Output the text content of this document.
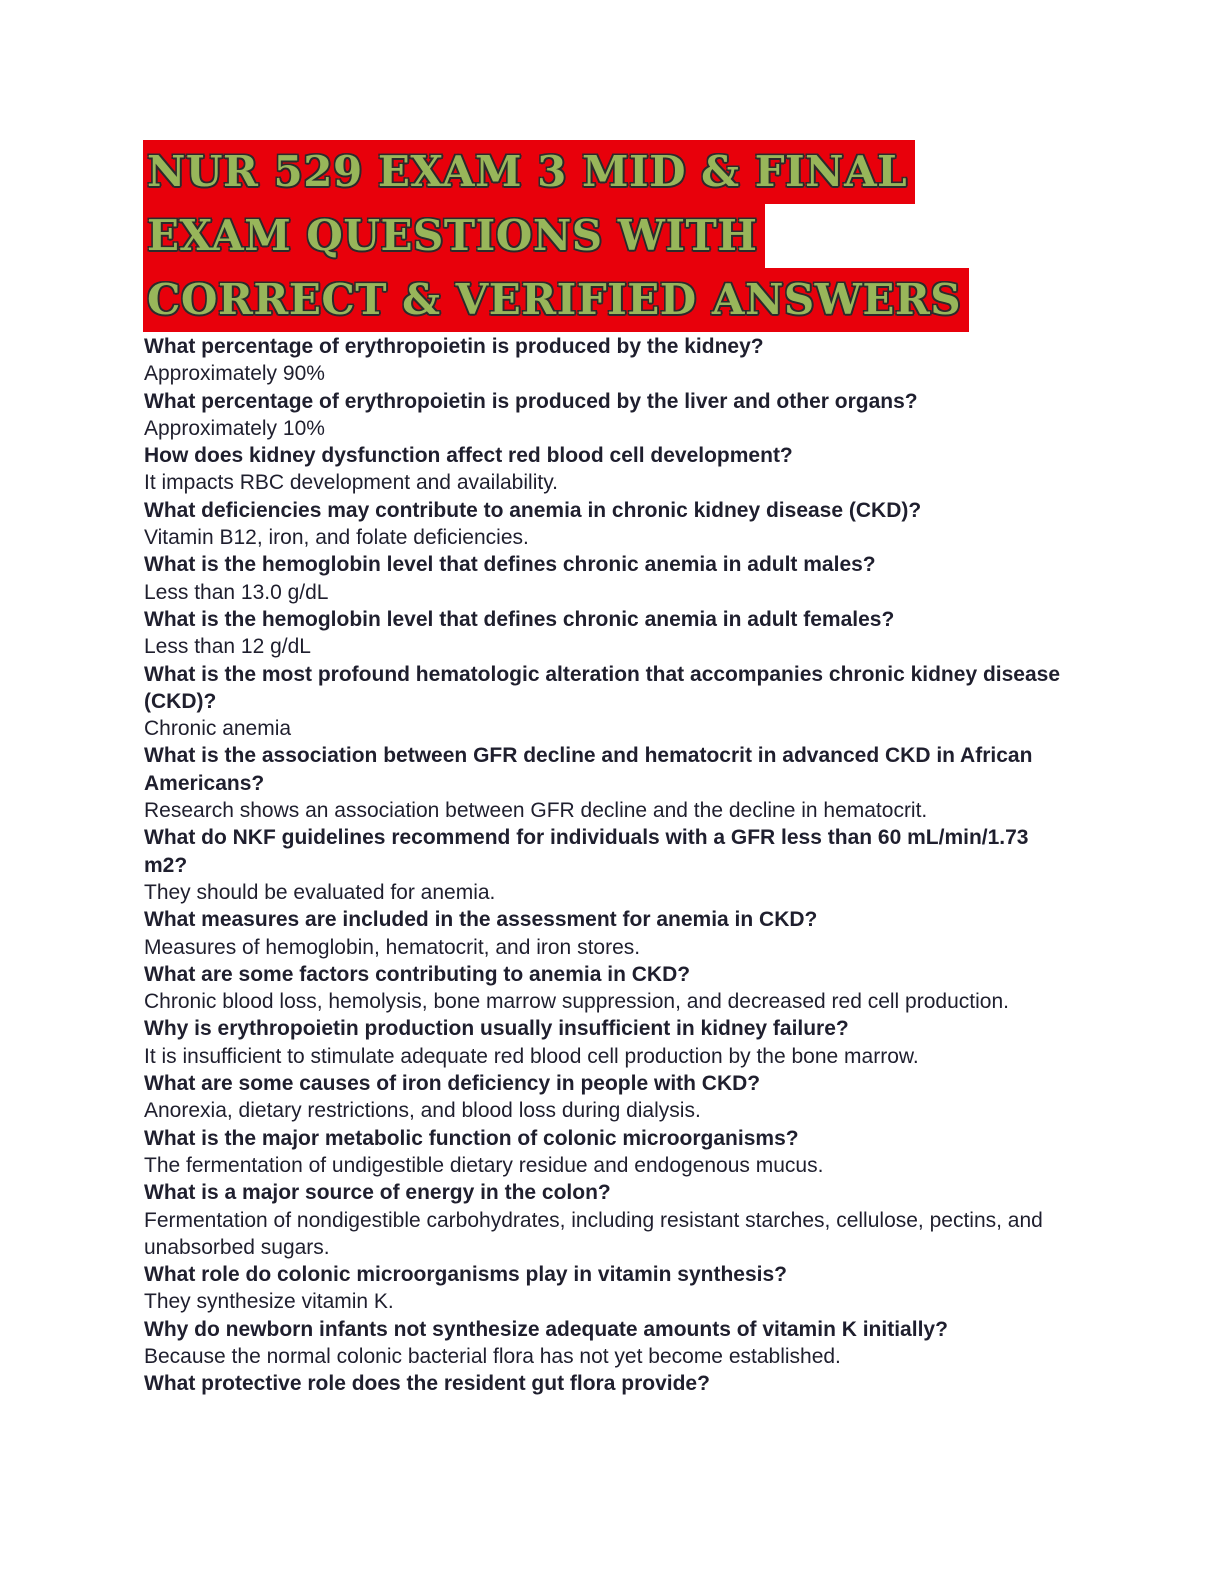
NUR 529 EXAM 3 MID & FINAL
EXAM QUESTIONS WITH
CORRECT & VERIFIED ANSWERS
What percentage of erythropoietin is produced by the kidney?
Approximately 90%
What percentage of erythropoietin is produced by the liver and other organs?
Approximately 10%
How does kidney dysfunction affect red blood cell development?
It impacts RBC development and availability.
What deficiencies may contribute to anemia in chronic kidney disease (CKD)?
Vitamin B12, iron, and folate deficiencies.
What is the hemoglobin level that defines chronic anemia in adult males?
Less than 13.0 g/dL
What is the hemoglobin level that defines chronic anemia in adult females?
Less than 12 g/dL
What is the most profound hematologic alteration that accompanies chronic kidney disease (CKD)?
Chronic anemia
What is the association between GFR decline and hematocrit in advanced CKD in African Americans?
Research shows an association between GFR decline and the decline in hematocrit.
What do NKF guidelines recommend for individuals with a GFR less than 60 mL/min/1.73 m2?
They should be evaluated for anemia.
What measures are included in the assessment for anemia in CKD?
Measures of hemoglobin, hematocrit, and iron stores.
What are some factors contributing to anemia in CKD?
Chronic blood loss, hemolysis, bone marrow suppression, and decreased red cell production.
Why is erythropoietin production usually insufficient in kidney failure?
It is insufficient to stimulate adequate red blood cell production by the bone marrow.
What are some causes of iron deficiency in people with CKD?
Anorexia, dietary restrictions, and blood loss during dialysis.
What is the major metabolic function of colonic microorganisms?
The fermentation of undigestible dietary residue and endogenous mucus.
What is a major source of energy in the colon?
Fermentation of nondigestible carbohydrates, including resistant starches, cellulose, pectins, and unabsorbed sugars.
What role do colonic microorganisms play in vitamin synthesis?
They synthesize vitamin K.
Why do newborn infants not synthesize adequate amounts of vitamin K initially?
Because the normal colonic bacterial flora has not yet become established.
What protective role does the resident gut flora provide?
